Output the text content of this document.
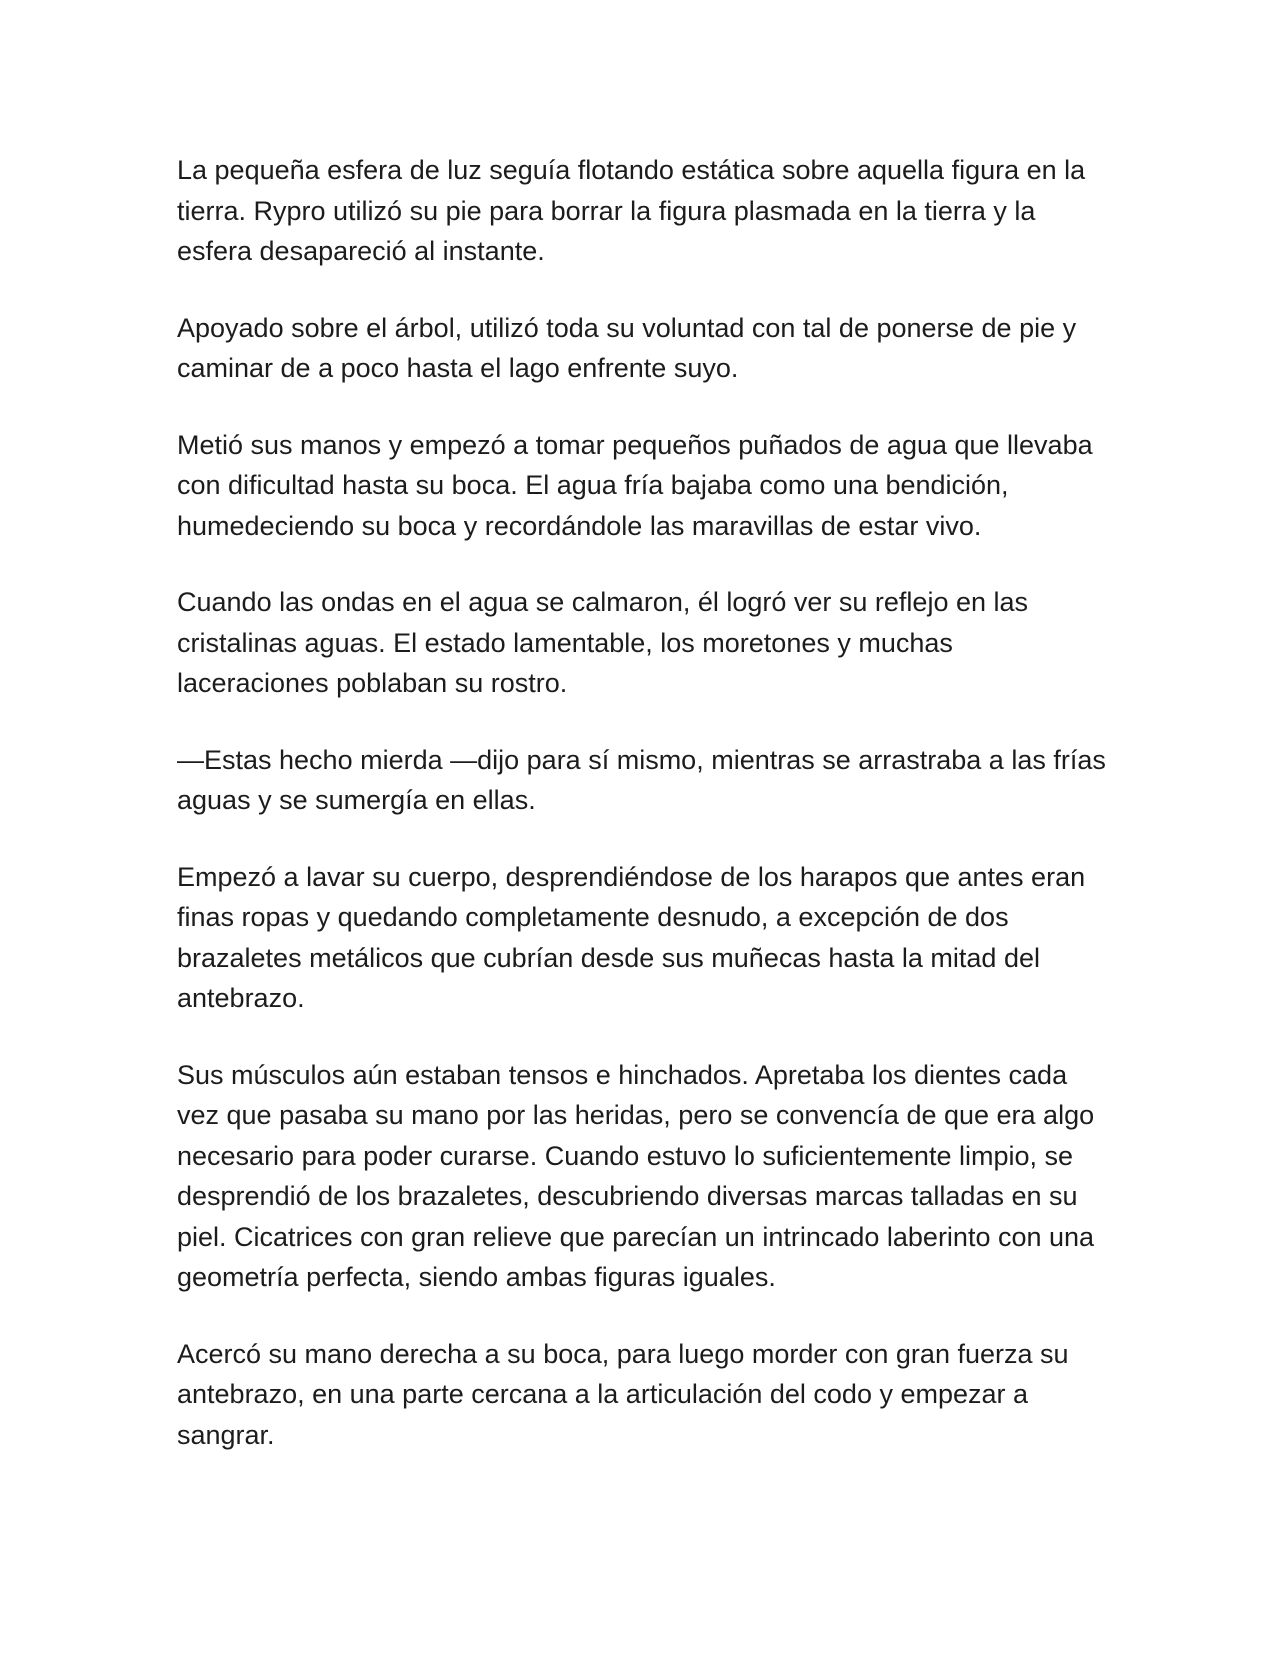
La pequeña esfera de luz seguía flotando estática sobre aquella figura en la tierra. Rypro utilizó su pie para borrar la figura plasmada en la tierra y la esfera desapareció al instante.

Apoyado sobre el árbol, utilizó toda su voluntad con tal de ponerse de pie y caminar de a poco hasta el lago enfrente suyo.

Metió sus manos y empezó a tomar pequeños puñados de agua que llevaba con dificultad hasta su boca. El agua fría bajaba como una bendición, humedeciendo su boca y recordándole las maravillas de estar vivo.

Cuando las ondas en el agua se calmaron, él logró ver su reflejo en las cristalinas aguas. El estado lamentable, los moretones y muchas laceraciones poblaban su rostro.

—Estas hecho mierda —dijo para sí mismo, mientras se arrastraba a las frías aguas y se sumergía en ellas.

Empezó a lavar su cuerpo, desprendiéndose de los harapos que antes eran finas ropas y quedando completamente desnudo, a excepción de dos brazaletes metálicos que cubrían desde sus muñecas hasta la mitad del antebrazo.

Sus músculos aún estaban tensos e hinchados. Apretaba los dientes cada vez que pasaba su mano por las heridas, pero se convencía de que era algo necesario para poder curarse. Cuando estuvo lo suficientemente limpio, se desprendió de los brazaletes, descubriendo diversas marcas talladas en su piel. Cicatrices con gran relieve que parecían un intrincado laberinto con una geometría perfecta, siendo ambas figuras iguales.

Acercó su mano derecha a su boca, para luego morder con gran fuerza su antebrazo, en una parte cercana a la articulación del codo y empezar a sangrar.
